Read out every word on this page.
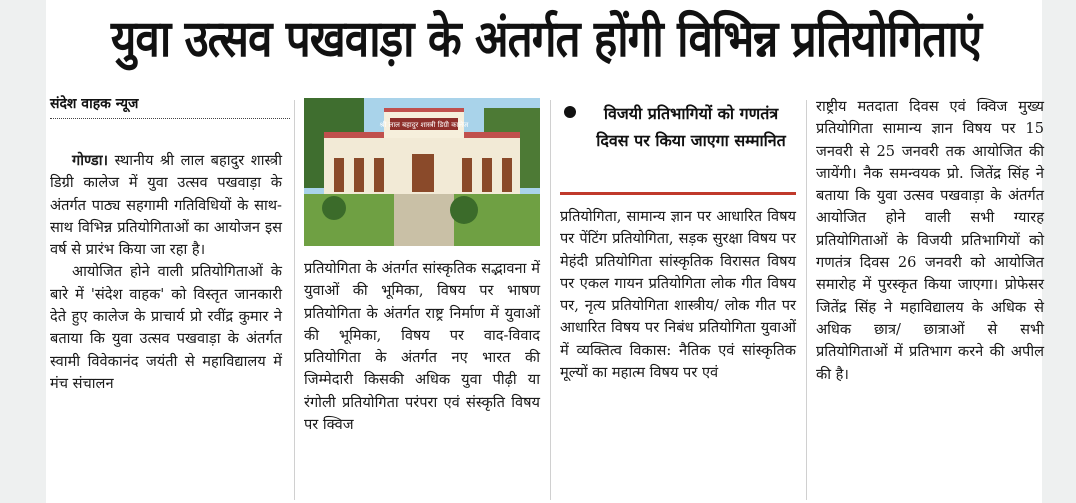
युवा उत्सव पखवाड़ा के अंतर्गत होंगी विभिन्न प्रतियोगिताएं
संदेश वाहक न्यूज

गोण्डा। स्थानीय श्री लाल बहादुर शास्त्री डिग्री कालेज में युवा उत्सव पखवाड़ा के अंतर्गत पाठ्य सहगामी गतिविधियों के साथ-साथ विभिन्न प्रतियोगिताओं का आयोजन इस वर्ष से प्रारंभ किया जा रहा है।

आयोजित होने वाली प्रतियोगिताओं के बारे में 'संदेश वाहक' को विस्तृत जानकारी देते हुए कालेज के प्राचार्य प्रो रवींद्र कुमार ने बताया कि युवा उत्सव पखवाड़ा के अंतर्गत स्वामी विवेकानंद जयंती से महाविद्यालय में मंच संचालन

श्री लाल बहादुर शास्त्री डिग्री कालेज

प्रतियोगिता के अंतर्गत सांस्कृतिक सद्भावना में युवाओं की भूमिका, विषय पर भाषण प्रतियोगिता के अंतर्गत राष्ट्र निर्माण में युवाओं की भूमिका, विषय पर वाद-विवाद प्रतियोगिता के अंतर्गत नए भारत की जिम्मेदारी किसकी अधिक युवा पीढ़ी या रंगोली प्रतियोगिता परंपरा एवं संस्कृति विषय पर क्विज

विजयी प्रतिभागियों को गणतंत्र दिवस पर किया जाएगा सम्मानित

प्रतियोगिता, सामान्य ज्ञान पर आधारित विषय पर पेंटिंग प्रतियोगिता, सड़क सुरक्षा विषय पर मेहंदी प्रतियोगिता सांस्कृतिक विरासत विषय पर एकल गायन प्रतियोगिता लोक गीत विषय पर, नृत्य प्रतियोगिता शास्त्रीय/ लोक गीत पर आधारित विषय पर निबंध प्रतियोगिता युवाओं में व्यक्तित्व विकास: नैतिक एवं सांस्कृतिक मूल्यों का महात्म विषय पर एवं

राष्ट्रीय मतदाता दिवस एवं क्विज मुख्य प्रतियोगिता सामान्य ज्ञान विषय पर 15 जनवरी से 25 जनवरी तक आयोजित की जायेंगी। नैक समन्वयक प्रो. जितेंद्र सिंह ने बताया कि युवा उत्सव पखवाड़ा के अंतर्गत आयोजित होने वाली सभी ग्यारह प्रतियोगिताओं के विजयी प्रतिभागियों को गणतंत्र दिवस 26 जनवरी को आयोजित समारोह में पुरस्कृत किया जाएगा। प्रोफेसर जितेंद्र सिंह ने महाविद्यालय के अधिक से अधिक छात्र/ छात्राओं से सभी प्रतियोगिताओं में प्रतिभाग करने की अपील की है।
